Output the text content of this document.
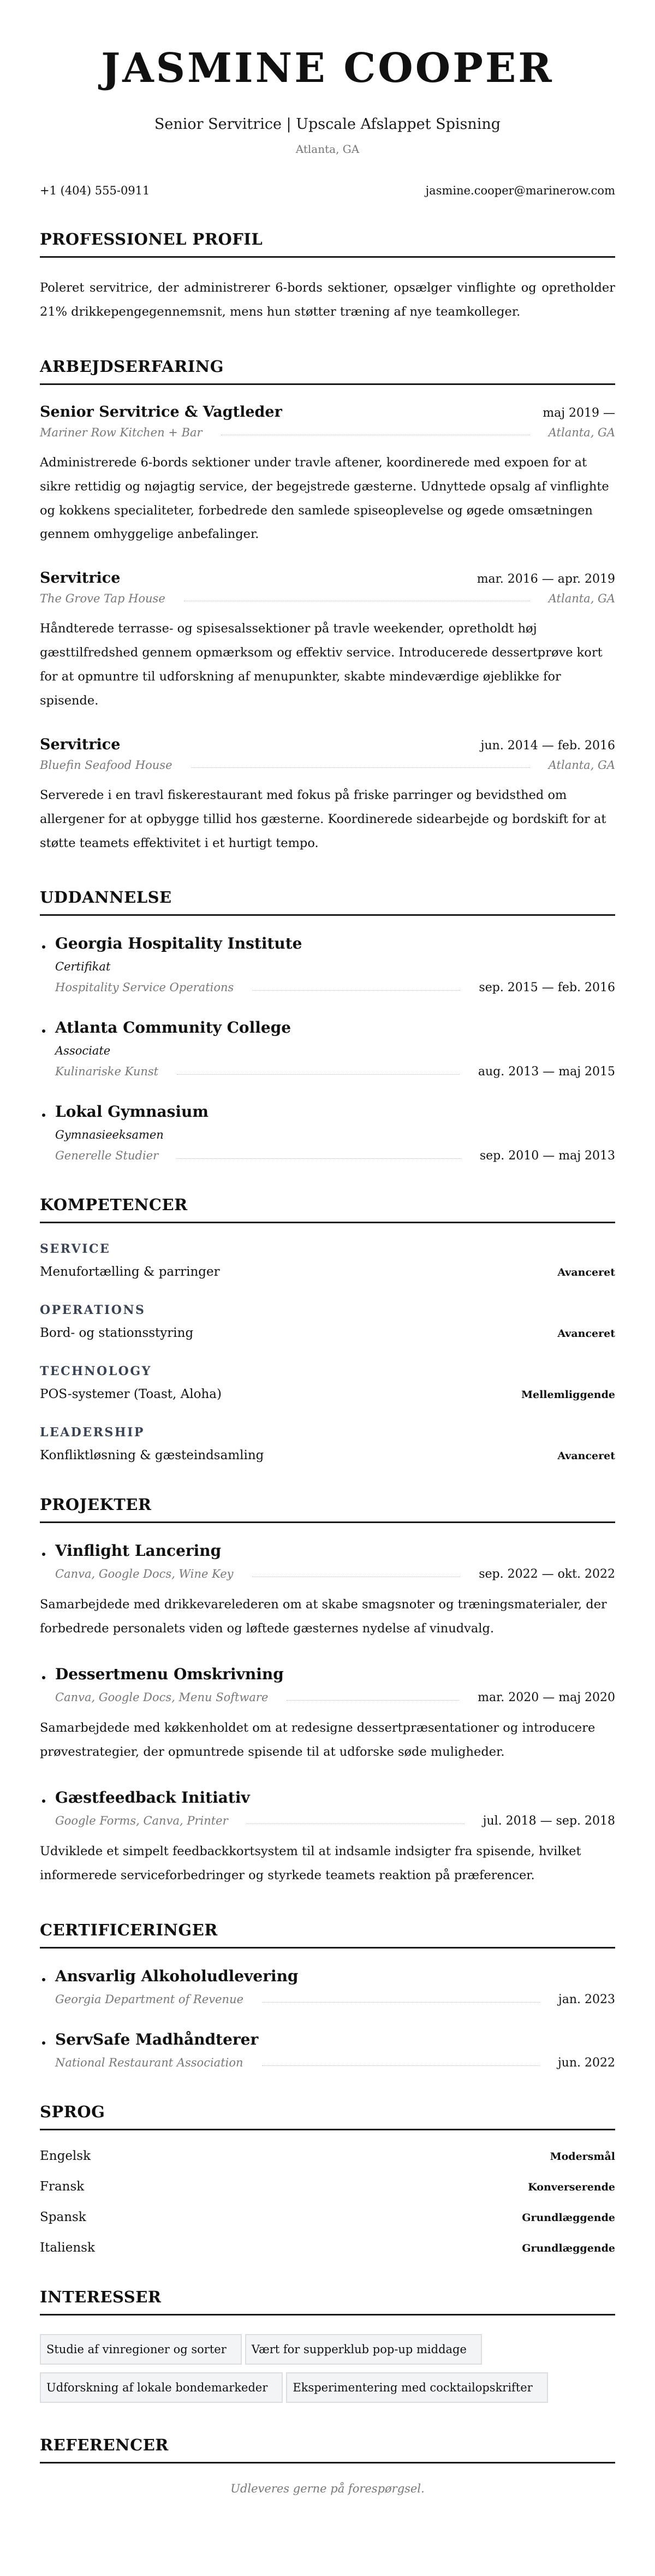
JASMINE COOPER
Senior Servitrice | Upscale Afslappet Spisning
Atlanta, GA
+1 (404) 555-0911	jasmine.cooper@marinerow.com
PROFESSIONEL PROFIL

Poleret servitrice, der administrerer 6-bords sektioner, opsælger vinflighte og opretholder 21% drikkepengegennemsnit, mens hun støtter træning af nye teamkolleger.

ARBEJDSERFARING
Senior Servitrice & Vagtleder	maj 2019 —
Mariner Row Kitchen + Bar	Atlanta, GA

Administrerede 6-bords sektioner under travle aftener, koordinerede med expoen for at sikre rettidig og nøjagtig service, der begejstrede gæsterne. Udnyttede opsalg af vinflighte og kokkens specialiteter, forbedrede den samlede spiseoplevelse og øgede omsætningen gennem omhyggelige anbefalinger.

Servitrice	mar. 2016 — apr. 2019
The Grove Tap House	Atlanta, GA

Håndterede terrasse- og spisesalssektioner på travle weekender, opretholdt høj gæsttilfredshed gennem opmærksom og effektiv service. Introducerede dessertprøve kort for at opmuntre til udforskning af menupunkter, skabte mindeværdige øjeblikke for spisende.

Servitrice	jun. 2014 — feb. 2016
Bluefin Seafood House	Atlanta, GA

Serverede i en travl fiskerestaurant med fokus på friske parringer og bevidsthed om allergener for at opbygge tillid hos gæsterne. Koordinerede sidearbejde og bordskift for at støtte teamets effektivitet i et hurtigt tempo.

UDDANNELSE
Georgia Hospitality Institute
Certifikat
Hospitality Service Operations	sep. 2015 — feb. 2016
Atlanta Community College
Associate
Kulinariske Kunst	aug. 2013 — maj 2015
Lokal Gymnasium
Gymnasieeksamen
Generelle Studier	sep. 2010 — maj 2013
KOMPETENCER
SERVICE
Menufortælling & parringer	Avanceret
OPERATIONS
Bord- og stationsstyring	Avanceret
TECHNOLOGY
POS-systemer (Toast, Aloha)	Mellemliggende
LEADERSHIP
Konfliktløsning & gæsteindsamling	Avanceret
PROJEKTER
Vinflight Lancering
Canva, Google Docs, Wine Key	sep. 2022 — okt. 2022

Samarbejdede med drikkevarelederen om at skabe smagsnoter og træningsmaterialer, der forbedrede personalets viden og løftede gæsternes nydelse af vinudvalg.

Dessertmenu Omskrivning
Canva, Google Docs, Menu Software	mar. 2020 — maj 2020

Samarbejdede med køkkenholdet om at redesigne dessertpræsentationer og introducere prøvestrategier, der opmuntrede spisende til at udforske søde muligheder.

Gæstfeedback Initiativ
Google Forms, Canva, Printer	jul. 2018 — sep. 2018

Udviklede et simpelt feedbackkortsystem til at indsamle indsigter fra spisende, hvilket informerede serviceforbedringer og styrkede teamets reaktion på præferencer.

CERTIFICERINGER
Ansvarlig Alkoholudlevering
Georgia Department of Revenue	jan. 2023
ServSafe Madhåndterer
National Restaurant Association	jun. 2022
SPROG
Engelsk	Modersmål
Fransk	Konverserende
Spansk	Grundlæggende
Italiensk	Grundlæggende
INTERESSER
Studie af vinregioner og sorter	Vært for supperklub pop-up middage
Udforskning af lokale bondemarkeder	Eksperimentering med cocktailopskrifter
REFERENCER

Udleveres gerne på forespørgsel.
